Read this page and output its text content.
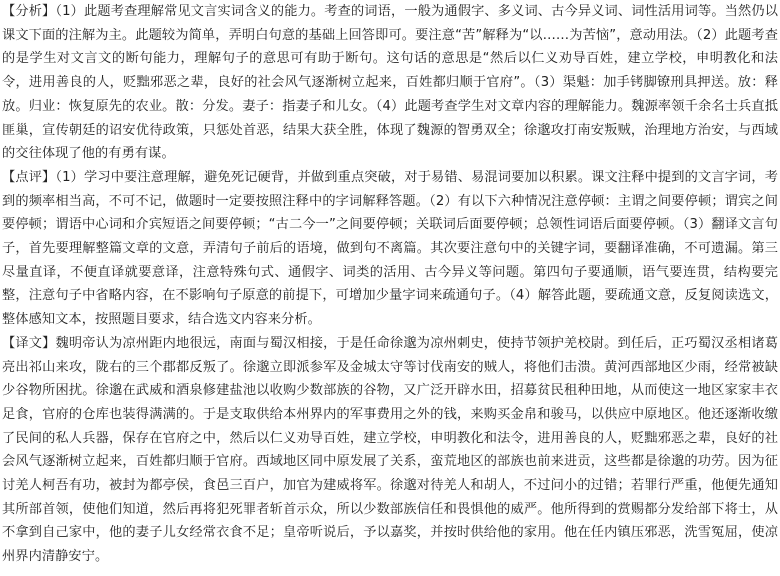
【分析】（1）此题考查理解常见文言实词含义的能力。考查的词语，一般为通假字、多义词、古今异义词、词性活用词等。当然仍以课文下面的注解为主。此题较为简单，弄明白句意的基础上回答即可。要注意“苦”解释为“以……为苦恼”，意动用法。（2）此题考查的是学生对文言文的断句能力，理解句子的意思可有助于断句。这句话的意思是“然后以仁义劝导百姓，建立学校，申明教化和法令，进用善良的人，贬黜邪恶之辈，良好的社会风气逐渐树立起来，百姓都归顺于官府”。（3）渠魁：加手铐脚镣刑具押送。放：释放。归业：恢复原先的农业。散：分发。妻子：指妻子和儿女。（4）此题考查学生对文章内容的理解能力。魏源率领千余名士兵直抵匪巢，宣传朝廷的诏安优待政策，只惩处首恶，结果大获全胜，体现了魏源的智勇双全；徐邈攻打南安叛贼，治理地方治安，与西域的交往体现了他的有勇有谋。

【点评】（1）学习中要注意理解，避免死记硬背，并做到重点突破，对于易错、易混词要加以积累。课文注释中提到的文言字词，考到的频率相当高，不可不记，做题时一定要按照注释中的字词解释答题。（2）有以下六种情况注意停顿：主谓之间要停顿；谓宾之间要停顿；谓语中心词和介宾短语之间要停顿；“古二今一”之间要停顿；关联词后面要停顿；总领性词语后面要停顿。（3）翻译文言句子，首先要理解整篇文章的文意，弄清句子前后的语境，做到句不离篇。其次要注意句中的关键字词，要翻译准确，不可遗漏。第三尽量直译，不便直译就要意译，注意特殊句式、通假字、词类的活用、古今异义等问题。第四句子要通顺，语气要连贯，结构要完整，注意句子中省略内容，在不影响句子原意的前提下，可增加少量字词来疏通句子。（4）解答此题，要疏通文意，反复阅读选文，整体感知文本，按照题目要求，结合选文内容来分析。

【译文】魏明帝认为凉州距内地很远，南面与蜀汉相接，于是任命徐邈为凉州刺史，使持节领护羌校尉。到任后，正巧蜀汉丞相诸葛亮出祁山来攻，陇右的三个郡都反叛了。徐邈立即派参军及金城太守等讨伐南安的贼人，将他们击溃。黄河西部地区少雨，经常被缺少谷物所困扰。徐邈在武威和酒泉修建盐池以收购少数部族的谷物，又广泛开辟水田，招募贫民租种田地，从而使这一地区家家丰衣足食，官府的仓库也装得满满的。于是支取供给本州界内的军事费用之外的钱，来购买金帛和骏马，以供应中原地区。他还逐渐收缴了民间的私人兵器，保存在官府之中，然后以仁义劝导百姓，建立学校，申明教化和法令，进用善良的人，贬黜邪恶之辈，良好的社会风气逐渐树立起来，百姓都归顺于官府。西域地区同中原发展了关系，蛮荒地区的部族也前来进贡，这些都是徐邈的功劳。因为征讨羌人柯吾有功，被封为都亭侯，食邑三百户，加官为建威将军。徐邈对待羌人和胡人，不过问小的过错；若罪行严重，他便先通知其所部首领，使他们知道，然后再将犯死罪者斩首示众，所以少数部族信任和畏惧他的威严。他所得到的赏赐都分发给部下将士，从不拿到自己家中，他的妻子儿女经常衣食不足；皇帝听说后，予以嘉奖，并按时供给他的家用。他在任内镇压邪恶，洗雪冤屈，使凉州界内清静安宁。
